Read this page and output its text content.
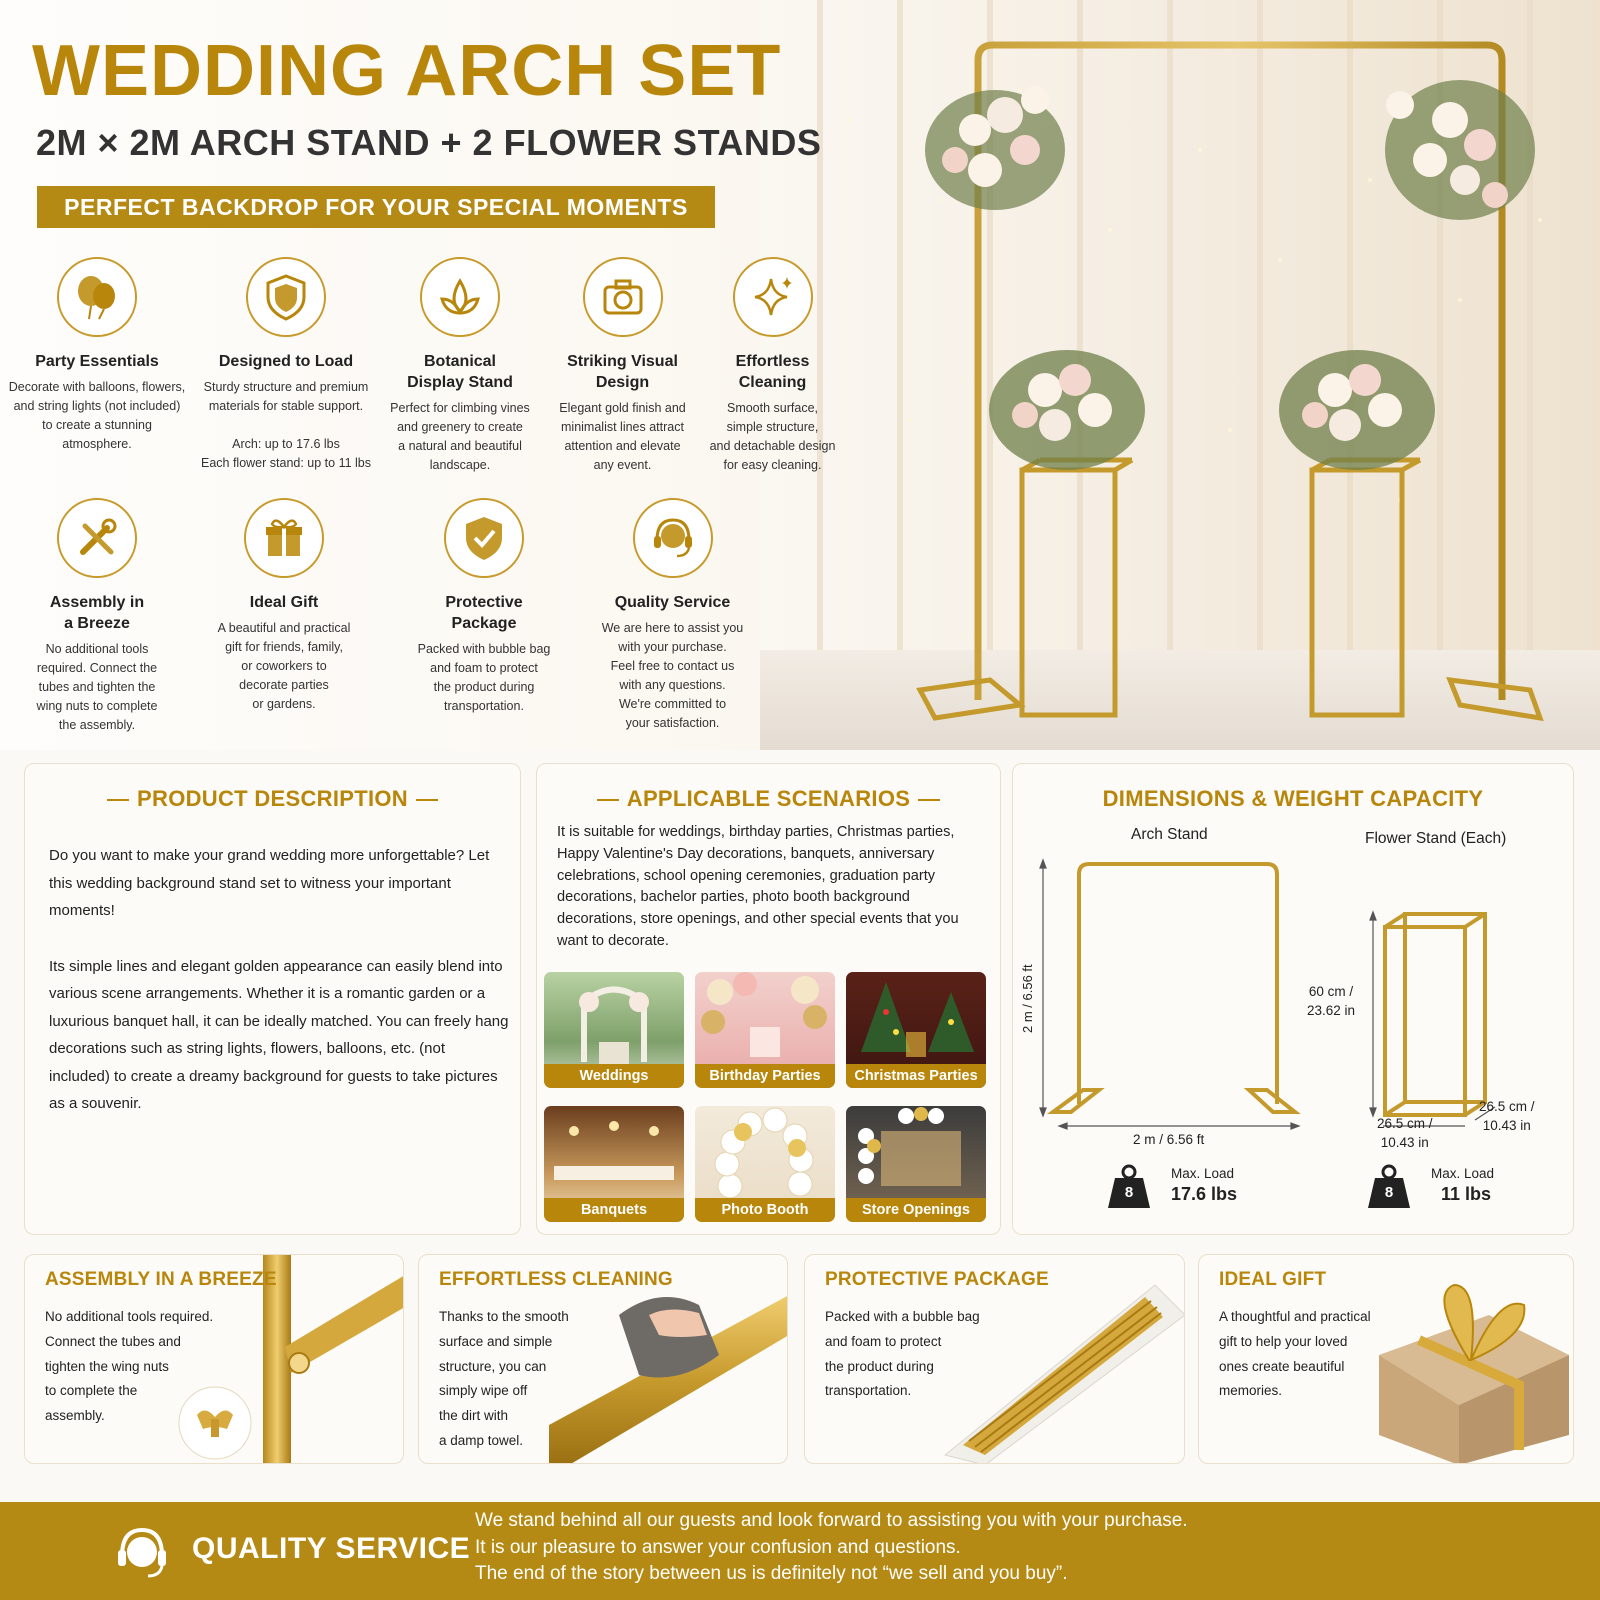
WEDDING ARCH SET
2M × 2M ARCH STAND + 2 FLOWER STANDS
PERFECT BACKDROP FOR YOUR SPECIAL MOMENTS
Party Essentials
Decorate with balloons, flowers,
and string lights (not included)
to create a stunning atmosphere.
Designed to Load
Sturdy structure and premium
materials for stable support.

Arch: up to 17.6 lbs
Each flower stand: up to 11 lbs
Botanical
Display Stand
Perfect for climbing vines
and greenery to create
a natural and beautiful
landscape.
Striking Visual
Design
Elegant gold finish and
minimalist lines attract
attention and elevate
any event.
Effortless
Cleaning
Smooth surface,
simple structure,
and detachable design
for easy cleaning.
Assembly in
a Breeze
No additional tools
required. Connect the
tubes and tighten the
wing nuts to complete
the assembly.
Ideal Gift
A beautiful and practical
gift for friends, family,
or coworkers to
decorate parties
or gardens.
Protective
Package
Packed with bubble bag
and foam to protect
the product during
transportation.
Quality Service
We are here to assist you
with your purchase.
Feel free to contact us
with any questions.
We're committed to
your satisfaction.
PRODUCT DESCRIPTION

Do you want to make your grand wedding more unforgettable? Let this wedding background stand set to witness your important moments!

Its simple lines and elegant golden appearance can easily blend into various scene arrangements. Whether it is a romantic garden or a luxurious banquet hall, it can be ideally matched. You can freely hang decorations such as string lights, flowers, balloons, etc. (not included) to create a dreamy background for guests to take pictures as a souvenir.

APPLICABLE SCENARIOS
It is suitable for weddings, birthday parties, Christmas parties, Happy Valentine's Day decorations, banquets, anniversary celebrations, school opening ceremonies, graduation party decorations, bachelor parties, photo booth background decorations, store openings, and other special events that you want to decorate.
Weddings	Birthday Parties	Christmas Parties
Banquets	Photo Booth	Store Openings
DIMENSIONS & WEIGHT CAPACITY
Arch Stand	Flower Stand (Each)
2 m / 6.56 ft
2 m / 6.56 ft
60 cm /
23.62 in
26.5 cm /
10.43 in
26.5 cm /
10.43 in
8
Max. Load
17.6 lbs	8
Max. Load
11 lbs
ASSEMBLY IN A BREEZE
No additional tools required.
Connect the tubes and
tighten the wing nuts
to complete the
assembly.
EFFORTLESS CLEANING
Thanks to the smooth
surface and simple
structure, you can
simply wipe off
the dirt with
a damp towel.
PROTECTIVE PACKAGE
Packed with a bubble bag
and foam to protect
the product during
transportation.
IDEAL GIFT
A thoughtful and practical
gift to help your loved
ones create beautiful
memories.
QUALITY SERVICE
We stand behind all our guests and look forward to assisting you with your purchase.
It is our pleasure to answer your confusion and questions.
The end of the story between us is definitely not “we sell and you buy”.
